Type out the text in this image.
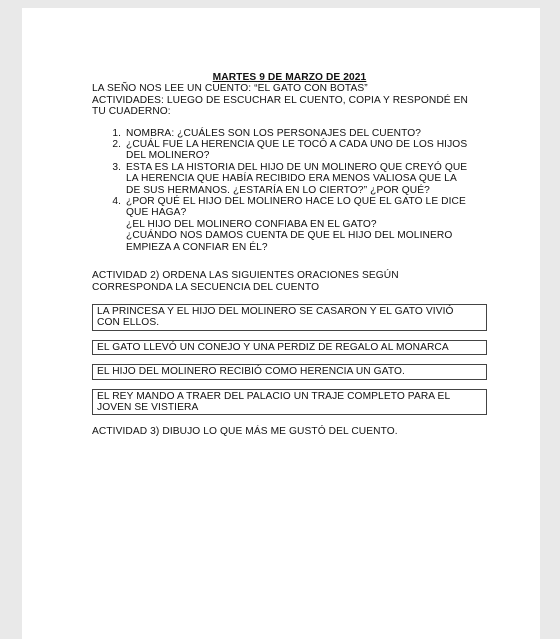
MARTES 9 DE MARZO DE 2021

LA SEÑO NOS LEE UN CUENTO: “EL GATO CON BOTAS”

ACTIVIDADES: LUEGO DE ESCUCHAR EL CUENTO, COPIA Y RESPONDÉ EN

TU CUADERNO:

1. NOMBRA: ¿CUÁLES SON LOS PERSONAJES DEL CUENTO?
2. ¿CUÁL FUE LA HERENCIA QUE LE TOCÓ A CADA UNO DE LOS HIJOS
DEL MOLINERO?
3. ESTA ES LA HISTORIA DEL HIJO DE UN MOLINERO QUE CREYÓ QUE
LA HERENCIA QUE HABÍA RECIBIDO ERA MENOS VALIOSA QUE LA
DE SUS HERMANOS. ¿ESTARÍA EN LO CIERTO?” ¿POR QUÉ?
4. ¿POR QUÉ EL HIJO DEL MOLINERO HACE LO QUE EL GATO LE DICE
QUE HAGA?
¿EL HIJO DEL MOLINERO CONFIABA EN EL GATO?
¿CUÁNDO NOS DAMOS CUENTA DE QUE EL HIJO DEL MOLINERO
EMPIEZA A CONFIAR EN ÉL?

ACTIVIDAD 2) ORDENA LAS SIGUIENTES ORACIONES SEGÚN

CORRESPONDA LA SECUENCIA DEL CUENTO

LA PRINCESA Y EL HIJO DEL MOLINERO SE CASARON Y EL GATO VIVIÓ

CON ELLOS.

EL GATO LLEVÓ UN CONEJO Y UNA PERDIZ DE REGALO AL MONARCA

EL HIJO DEL MOLINERO RECIBIÓ COMO HERENCIA UN GATO.

EL REY MANDO A TRAER DEL PALACIO UN TRAJE COMPLETO PARA EL

JOVEN SE VISTIERA

ACTIVIDAD 3) DIBUJO LO QUE MÁS ME GUSTÓ DEL CUENTO.
